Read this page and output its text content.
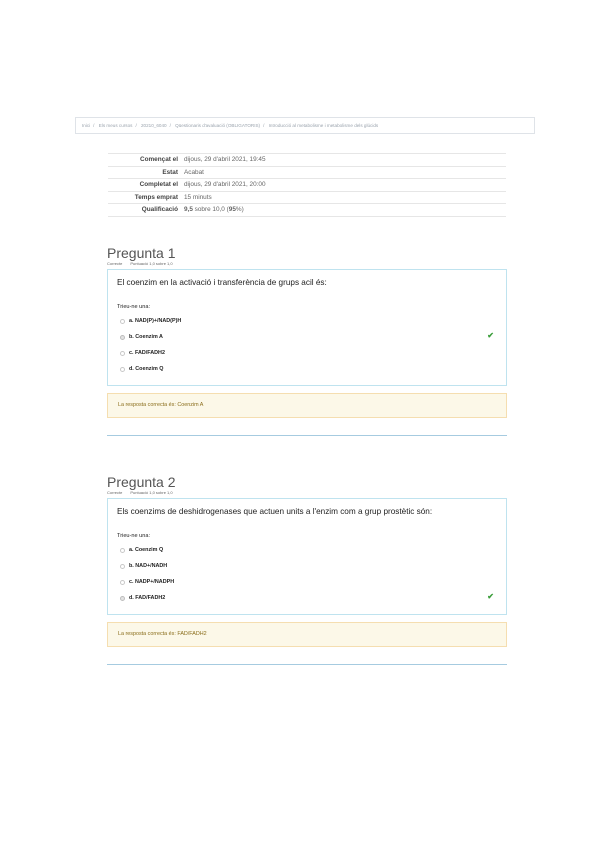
Inici / Els meus cursos / 20210_6040 / Qüestionaris d'avaluació (OBLIGATORIS) / Introducció al metabolisme i metabolisme dels glúcids
Començat el	dijous, 29 d'abril 2021, 19:45
Estat	Acabat
Completat el	dijous, 29 d'abril 2021, 20:00
Temps emprat	15 minuts
Qualificació	9,5 sobre 10,0 (95%)
Pregunta 1
Correcte Puntuació 1,0 sobre 1,0
El coenzim en la activació i transferència de grups acil és:
Trieu-ne una:
a. NAD(P)+/NAD(P)H
b. Coenzim A
c. FAD/FADH2
d. Coenzim Q
✔
La resposta correcta és: Coenzim A
Pregunta 2
Correcte Puntuació 1,0 sobre 1,0
Els coenzims de deshidrogenases que actuen units a l'enzim com a grup prostètic són:
Trieu-ne una:
a. Coenzim Q
b. NAD+/NADH
c. NADP+/NADPH
d. FAD/FADH2	✔
La resposta correcta és: FAD/FADH2
